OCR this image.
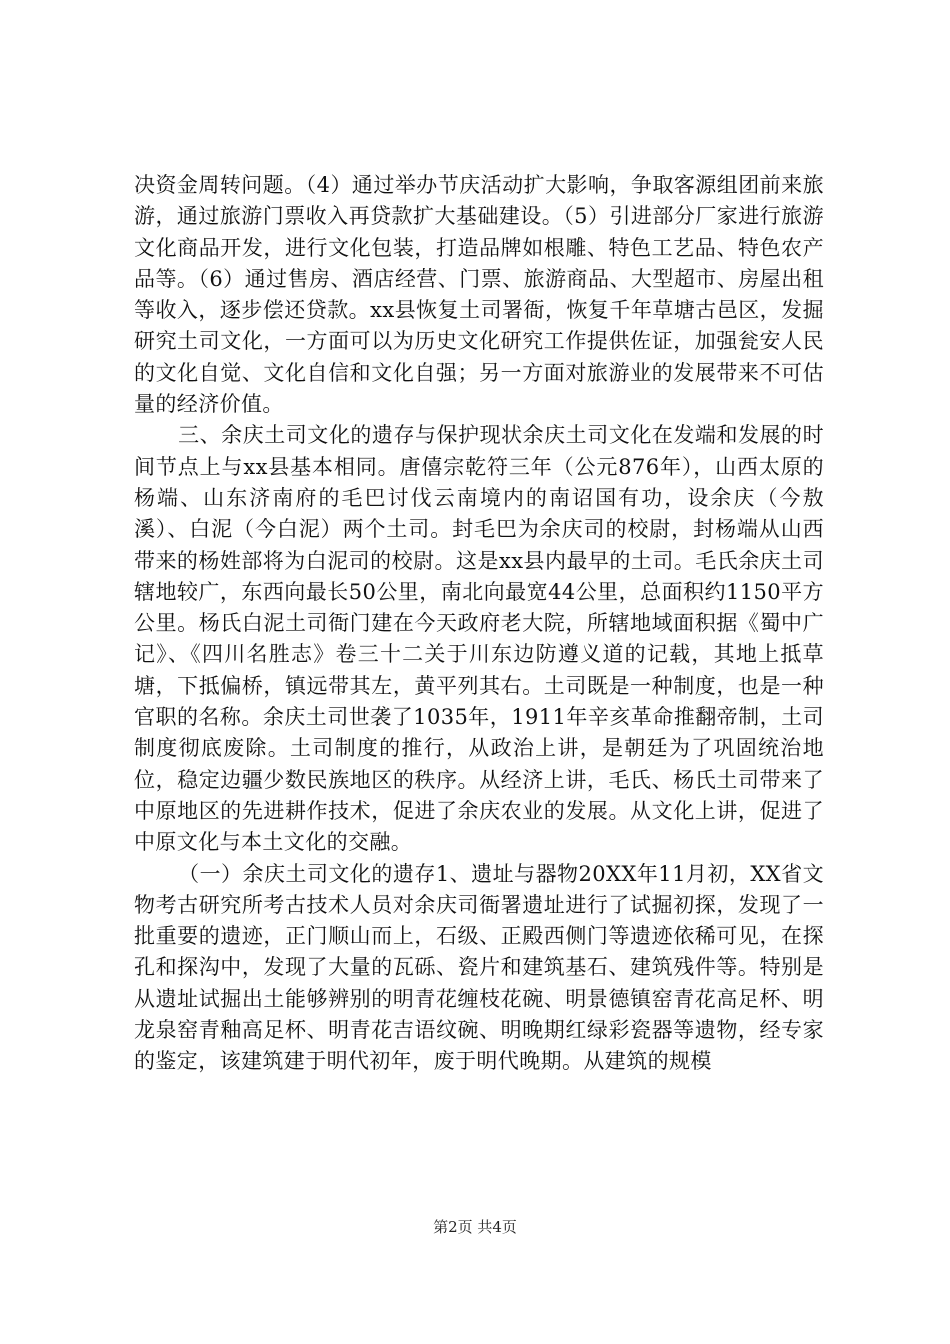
决资金周转问题。（4）通过举办节庆活动扩大影响，争取客源组团前来旅游，通过旅游门票收入再贷款扩大基础建设。（5）引进部分厂家进行旅游文化商品开发，进行文化包装，打造品牌如根雕、特色工艺品、特色农产品等。（6）通过售房、酒店经营、门票、旅游商品、大型超市、房屋出租等收入，逐步偿还贷款。xx县恢复土司署衙，恢复千年草塘古邑区，发掘研究土司文化，一方面可以为历史文化研究工作提供佐证，加强瓮安人民的文化自觉、文化自信和文化自强；另一方面对旅游业的发展带来不可估量的经济价值。

三、余庆土司文化的遗存与保护现状余庆土司文化在发端和发展的时间节点上与xx县基本相同。唐僖宗乾符三年（公元876年），山西太原的杨端、山东济南府的毛巴讨伐云南境内的南诏国有功，设余庆（今敖溪）、白泥（今白泥）两个土司。封毛巴为余庆司的校尉，封杨端从山西带来的杨姓部将为白泥司的校尉。这是xx县内最早的土司。毛氏余庆土司辖地较广，东西向最长50公里，南北向最宽44公里，总面积约1150平方公里。杨氏白泥土司衙门建在今天政府老大院，所辖地域面积据《蜀中广记》、《四川名胜志》卷三十二关于川东边防遵义道的记载，其地上抵草塘，下抵偏桥，镇远带其左，黄平列其右。土司既是一种制度，也是一种官职的名称。余庆土司世袭了1035年，1911年辛亥革命推翻帝制，土司制度彻底废除。土司制度的推行，从政治上讲，是朝廷为了巩固统治地位，稳定边疆少数民族地区的秩序。从经济上讲，毛氏、杨氏土司带来了中原地区的先进耕作技术，促进了余庆农业的发展。从文化上讲，促进了中原文化与本土文化的交融。

（一）余庆土司文化的遗存1、遗址与器物20XX年11月初，XX省文物考古研究所考古技术人员对余庆司衙署遗址进行了试掘初探，发现了一批重要的遗迹，正门顺山而上，石级、正殿西侧门等遗迹依稀可见，在探孔和探沟中，发现了大量的瓦砾、瓷片和建筑基石、建筑残件等。特别是从遗址试掘出土能够辨别的明青花缠枝花碗、明景德镇窑青花高足杯、明龙泉窑青釉高足杯、明青花吉语纹碗、明晚期红绿彩瓷器等遗物，经专家的鉴定，该建筑建于明代初年，废于明代晚期。从建筑的规模

第2页 共4页
